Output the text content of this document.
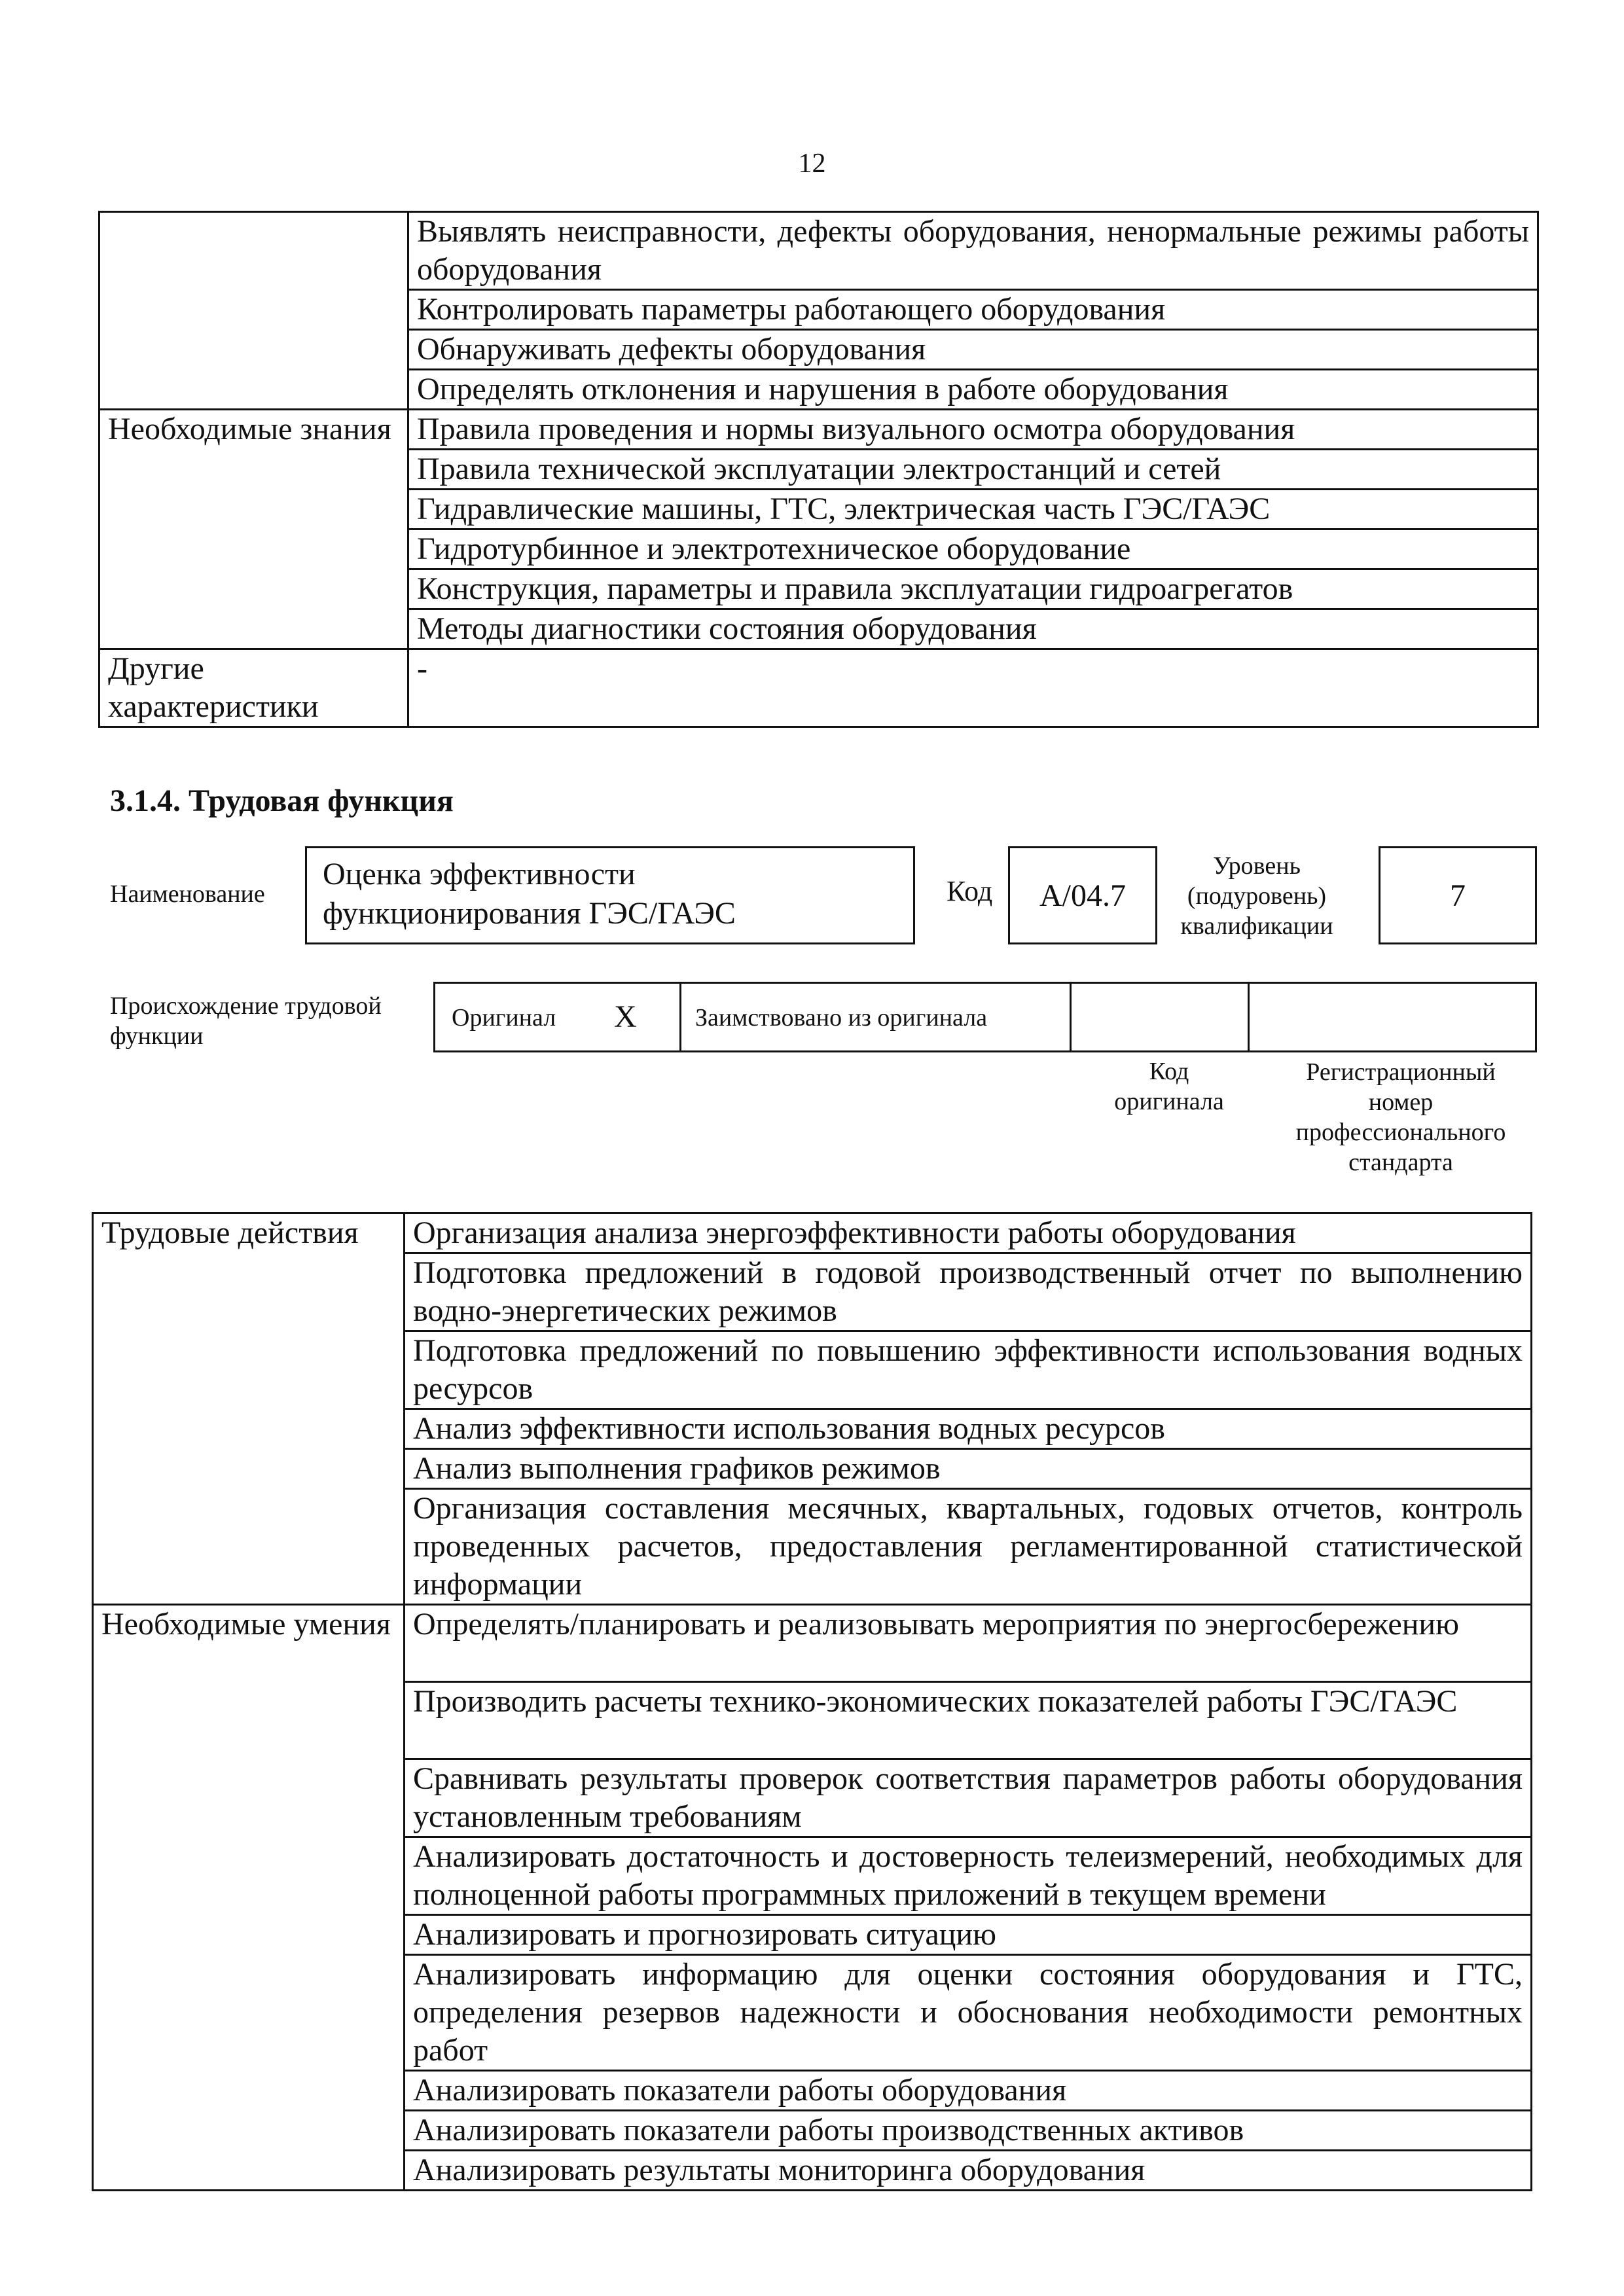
12
	Выявлять неисправности, дефекты оборудования, ненормальные режимы работы оборудования
	Контролировать параметры работающего оборудования
	Обнаруживать дефекты оборудования
	Определять отклонения и нарушения в работе оборудования
Необходимые знания	Правила проведения и нормы визуального осмотра оборудования
	Правила технической эксплуатации электростанций и сетей
	Гидравлические машины, ГТС, электрическая часть ГЭС/ГАЭС
	Гидротурбинное и электротехническое оборудование
	Конструкция, параметры и правила эксплуатации гидроагрегатов
	Методы диагностики состояния оборудования
Другие характеристики	-
3.1.4. Трудовая функция
Наименование
Оценка эффективности функционирования ГЭС/ГАЭС
Код А/04.7
Уровень (подуровень) квалификации
7
Происхождение трудовой функции
Оригинал X Заимствовано из оригинала
Код оригинала
Регистрационный номер профессионального стандарта
Трудовые действия	Организация анализа энергоэффективности работы оборудования
	Подготовка предложений в годовой производственный отчет по выполнению водно-энергетических режимов
	Подготовка предложений по повышению эффективности использования водных ресурсов
	Анализ эффективности использования водных ресурсов
	Анализ выполнения графиков режимов
	Организация составления месячных, квартальных, годовых отчетов, контроль проведенных расчетов, предоставления регламентированной статистической информации
Необходимые умения	Определять/планировать и реализовывать мероприятия по энергосбережению
	Производить расчеты технико-экономических показателей работы ГЭС/ГАЭС
	Сравнивать результаты проверок соответствия параметров работы оборудования установленным требованиям
	Анализировать достаточность и достоверность телеизмерений, необходимых для полноценной работы программных приложений в текущем времени
	Анализировать и прогнозировать ситуацию
	Анализировать информацию для оценки состояния оборудования и ГТС, определения резервов надежности и обоснования необходимости ремонтных работ
	Анализировать показатели работы оборудования
	Анализировать показатели работы производственных активов
	Анализировать результаты мониторинга оборудования
